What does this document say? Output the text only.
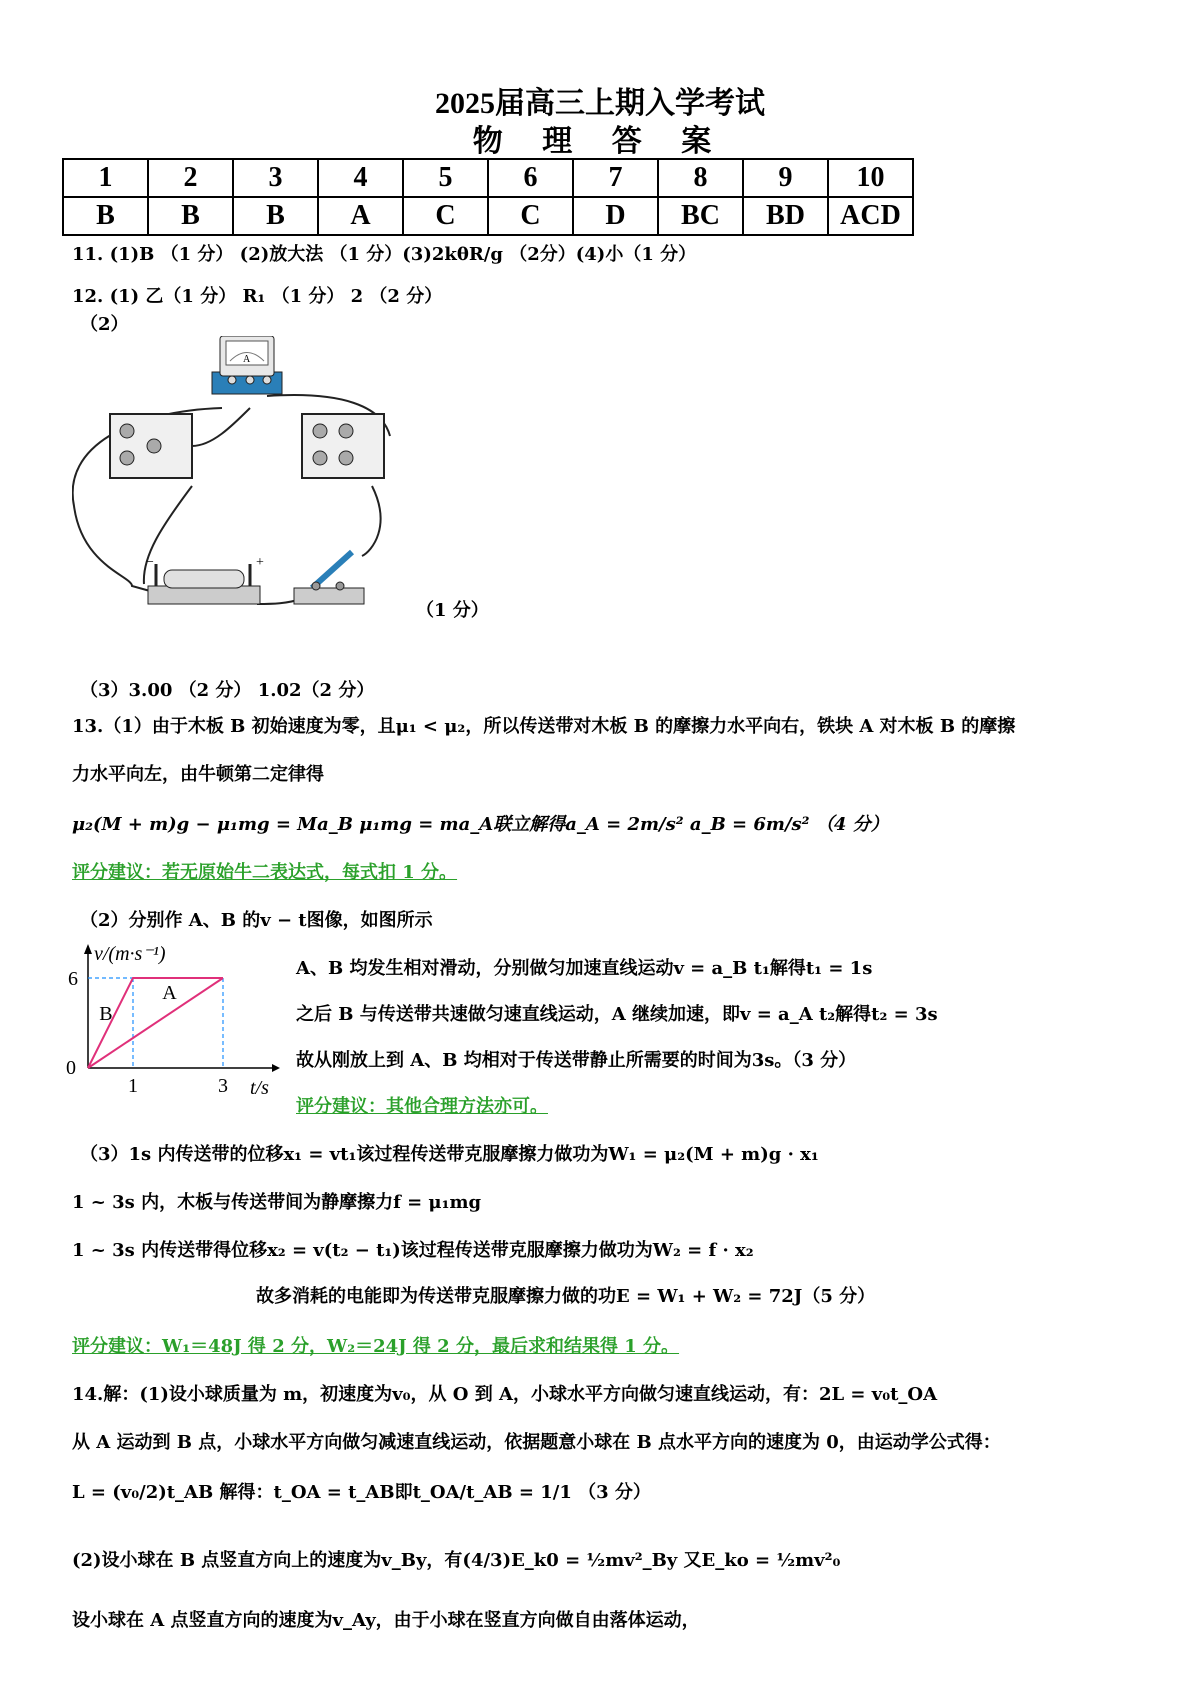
2025届高三上期入学考试
物 理 答 案
1	2	3	4	5	6	7	8	9	10
B	B	B	A	C	C	D	BC	BD	ACD
11. (1)B （1 分） (2)放大法 （1 分）(3)2kθR/g （2分）(4)小（1 分）
12. (1) 乙（1 分） R₁ （1 分） 2 （2 分）
（2）
A
−	+
（1 分）
（3）3.00 （2 分） 1.02（2 分）
13.（1）由于木板 B 初始速度为零，且μ₁ < μ₂，所以传送带对木板 B 的摩擦力水平向右，铁块 A 对木板 B 的摩擦
力水平向左，由牛顿第二定律得
μ₂(M + m)g − μ₁mg = Ma_B μ₁mg = ma_A联立解得a_A = 2m/s² a_B = 6m/s² （4 分）
评分建议：若无原始牛二表达式，每式扣 1 分。
（2）分别作 A、B 的v − t图像，如图所示
B
A
0
1	3
6
v/(m·s⁻¹)
t/s
A、B 均发生相对滑动，分别做匀加速直线运动v = a_B t₁解得t₁ = 1s
之后 B 与传送带共速做匀速直线运动，A 继续加速，即v = a_A t₂解得t₂ = 3s
故从刚放上到 A、B 均相对于传送带静止所需要的时间为3s。（3 分）
评分建议：其他合理方法亦可。
（3）1s 内传送带的位移x₁ = vt₁该过程传送带克服摩擦力做功为W₁ = μ₂(M + m)g · x₁
1 ~ 3s 内，木板与传送带间为静摩擦力f = μ₁mg
1 ~ 3s 内传送带得位移x₂ = v(t₂ − t₁)该过程传送带克服摩擦力做功为W₂ = f · x₂
故多消耗的电能即为传送带克服摩擦力做的功E = W₁ + W₂ = 72J（5 分）
评分建议：W₁＝48J 得 2 分，W₂＝24J 得 2 分，最后求和结果得 1 分。
14.解：(1)设小球质量为 m，初速度为v₀，从 O 到 A，小球水平方向做匀速直线运动，有：2L = v₀t_OA
从 A 运动到 B 点，小球水平方向做匀减速直线运动，依据题意小球在 B 点水平方向的速度为 0，由运动学公式得：
L = (v₀/2)t_AB 解得：t_OA = t_AB即t_OA/t_AB = 1/1 （3 分）
(2)设小球在 B 点竖直方向上的速度为v_By，有(4/3)E_k0 = ½mv²_By 又E_ko = ½mv²₀
设小球在 A 点竖直方向的速度为v_Ay，由于小球在竖直方向做自由落体运动，
